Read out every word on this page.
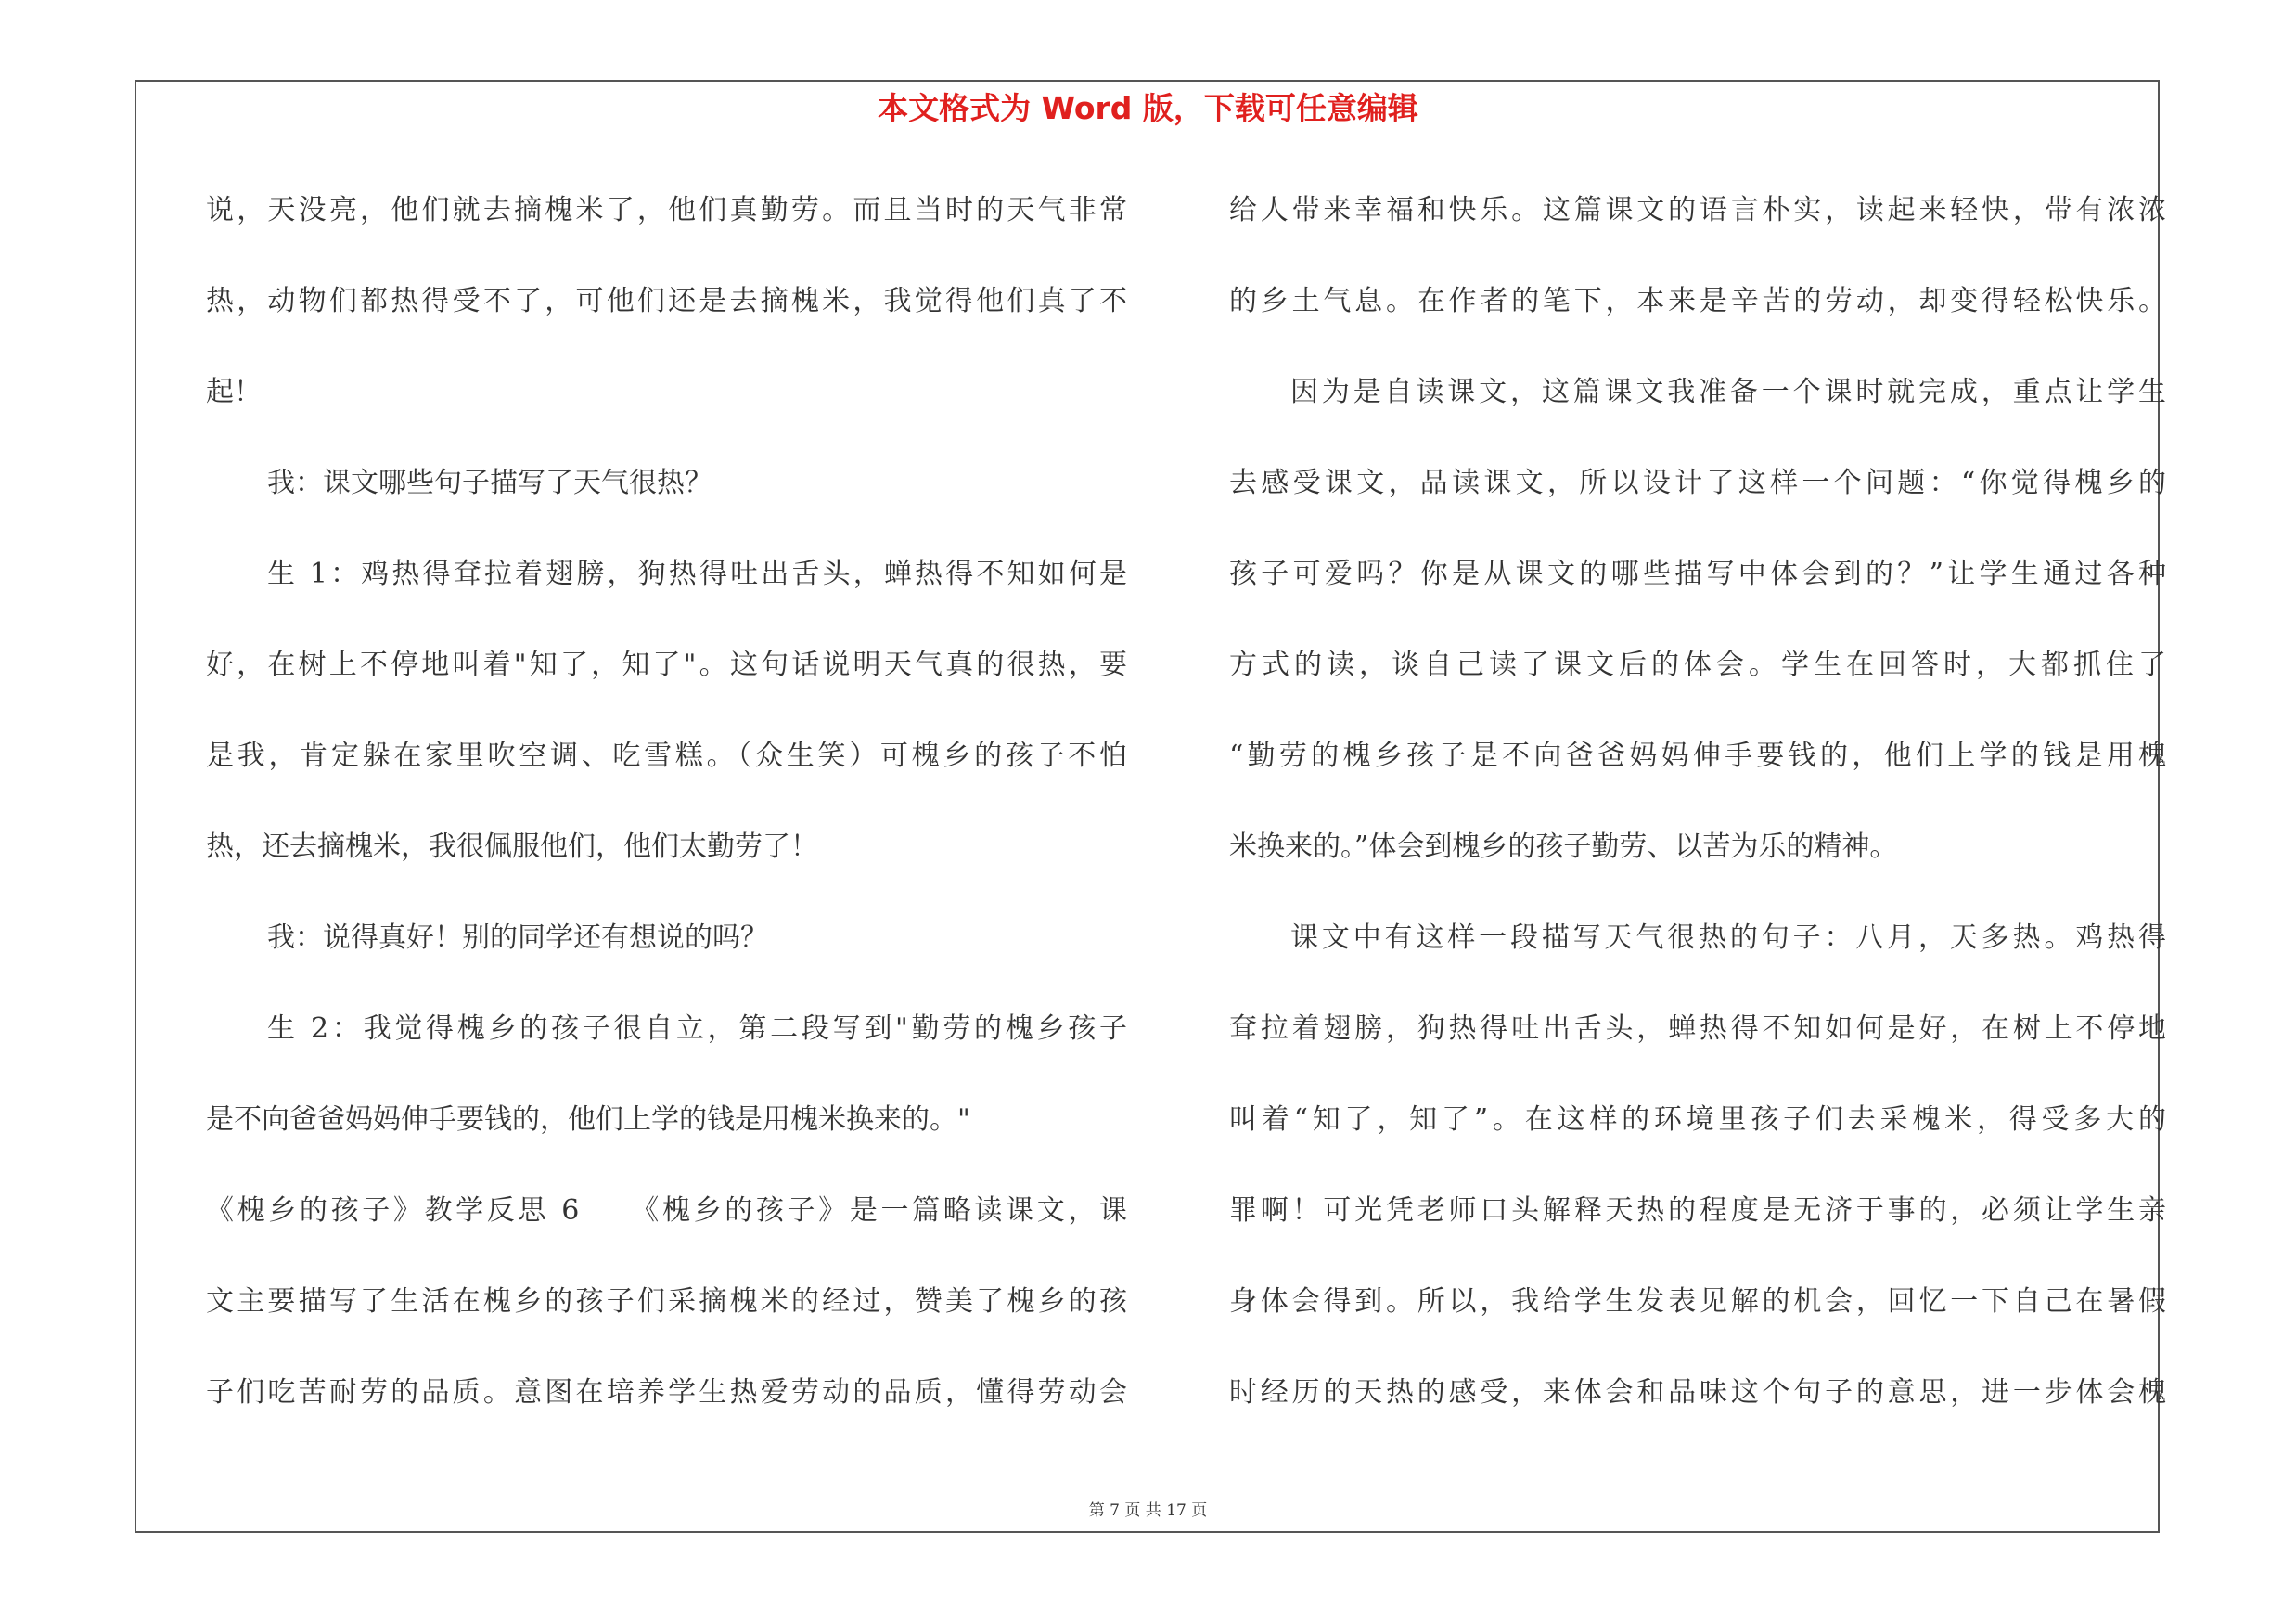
本文格式为 Word 版，下载可任意编辑
说，天没亮，他们就去摘槐米了，他们真勤劳。而且当时的天气非常
热，动物们都热得受不了，可他们还是去摘槐米，我觉得他们真了不
起！
我：课文哪些句子描写了天气很热？
生 1：鸡热得耷拉着翅膀，狗热得吐出舌头，蝉热得不知如何是
好，在树上不停地叫着"知了，知了"。这句话说明天气真的很热，要
是我，肯定躲在家里吹空调、吃雪糕。（众生笑）可槐乡的孩子不怕
热，还去摘槐米，我很佩服他们，他们太勤劳了！
我：说得真好！别的同学还有想说的吗？
生 2：我觉得槐乡的孩子很自立，第二段写到"勤劳的槐乡孩子
是不向爸爸妈妈伸手要钱的，他们上学的钱是用槐米换来的。"
《槐乡的孩子》教学反思 6　　《槐乡的孩子》是一篇略读课文，课
文主要描写了生活在槐乡的孩子们采摘槐米的经过，赞美了槐乡的孩
子们吃苦耐劳的品质。意图在培养学生热爱劳动的品质，懂得劳动会
给人带来幸福和快乐。这篇课文的语言朴实，读起来轻快，带有浓浓
的乡土气息。在作者的笔下，本来是辛苦的劳动，却变得轻松快乐。
因为是自读课文，这篇课文我准备一个课时就完成，重点让学生
去感受课文，品读课文，所以设计了这样一个问题：“你觉得槐乡的
孩子可爱吗？你是从课文的哪些描写中体会到的？”让学生通过各种
方式的读，谈自己读了课文后的体会。学生在回答时，大都抓住了
“勤劳的槐乡孩子是不向爸爸妈妈伸手要钱的，他们上学的钱是用槐
米换来的。”体会到槐乡的孩子勤劳、以苦为乐的精神。
课文中有这样一段描写天气很热的句子：八月，天多热。鸡热得
耷拉着翅膀，狗热得吐出舌头，蝉热得不知如何是好，在树上不停地
叫着“知了，知了”。在这样的环境里孩子们去采槐米，得受多大的
罪啊！可光凭老师口头解释天热的程度是无济于事的，必须让学生亲
身体会得到。所以，我给学生发表见解的机会，回忆一下自己在暑假
时经历的天热的感受，来体会和品味这个句子的意思，进一步体会槐
第 7 页 共 17 页
